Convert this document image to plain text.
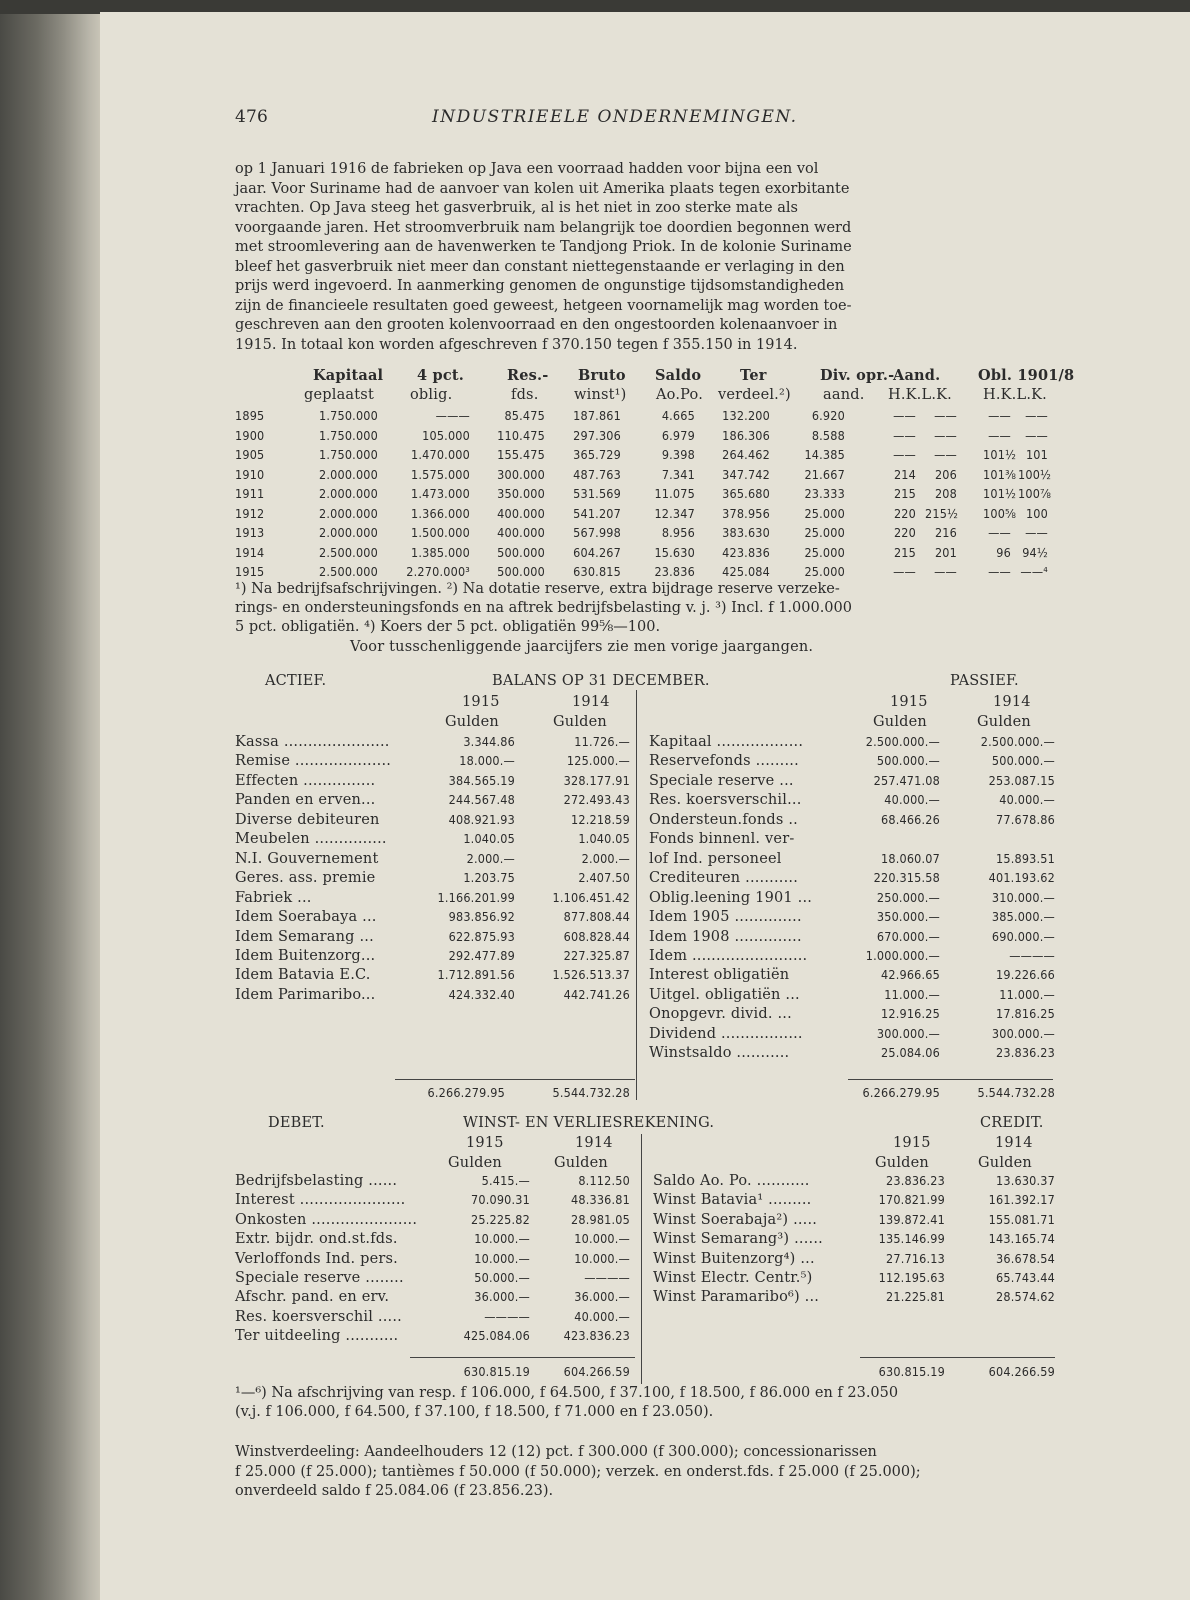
476	INDUSTRIEELE ONDERNEMINGEN.
op 1 Januari 1916 de fabrieken op Java een voorraad hadden voor bijna een vol
jaar. Voor Suriname had de aanvoer van kolen uit Amerika plaats tegen exorbitante
vrachten. Op Java steeg het gasverbruik, al is het niet in zoo sterke mate als
voorgaande jaren. Het stroomverbruik nam belangrijk toe doordien begonnen werd
met stroomlevering aan de havenwerken te Tandjong Priok. In de kolonie Suriname
bleef het gasverbruik niet meer dan constant niettegenstaande er verlaging in den
prijs werd ingevoerd. In aanmerking genomen de ongunstige tijdsomstandigheden
zijn de financieele resultaten goed geweest, hetgeen voornamelijk mag worden toe-
geschreven aan den grooten kolenvoorraad en den ongestoorden kolenaanvoer in
1915. In totaal kon worden afgeschreven f 370.150 tegen f 355.150 in 1914.
Kapitaal 4 pct.	Res.- Bruto Saldo	Ter	Div. opr.-
Aand.	Obl. 1901/8
geplaatst oblig.	fds. winst¹) Ao.Po. verdeel.²) aand. H.K.L.K. H.K.L.K.
1895	1.750.000	———	85.475	187.861	4.665	132.200	6.920	——	——	——	——
1900	1.750.000	105.000	110.475	297.306	6.979	186.306	8.588	——	——	——	——
1905	1.750.000	1.470.000	155.475	365.729	9.398	264.462	14.385	——	—— 101½ 101
1910	2.000.000	1.575.000	300.000	487.763	7.341	347.742	21.667	214	206 101⅜ 100½
1911	2.000.000	1.473.000	350.000	531.569	11.075	365.680	23.333	215	208 101½ 100⅞
1912	2.000.000	1.366.000	400.000	541.207	12.347	378.956	25.000	220 215½ 100⅝ 100
1913	2.000.000	1.500.000	400.000	567.998	8.956	383.630	25.000	220	216	——	——
1914	2.500.000	1.385.000	500.000	604.267	15.630	423.836	25.000	215	201	96 94½
1915	2.500.000	2.270.000³	500.000	630.815	23.836	425.084	25.000	——	——	—— ——⁴
¹) Na bedrijfsafschrijvingen. ²) Na dotatie reserve, extra bijdrage reserve verzeke-
rings- en ondersteuningsfonds en na aftrek bedrijfsbelasting v. j. ³) Incl. f 1.000.000
5 pct. obligatiën. ⁴) Koers der 5 pct. obligatiën 99⅝—100.
Voor tusschenliggende jaarcijfers zie men vorige jaargangen.
ACTIEF.	BALANS OP 31 DECEMBER.	PASSIEF.
1915	1914
Gulden	Gulden
1915	1914
Gulden	Gulden
Kassa ......................	3.344.86	11.726.—
Remise ....................	18.000.—	125.000.—
Effecten ...............	384.565.19	328.177.91
Panden en erven...	244.567.48	272.493.43
Diverse debiteuren	408.921.93	12.218.59
Meubelen ...............	1.040.05	1.040.05
N.I. Gouvernement	2.000.—	2.000.—
Geres. ass. premie	1.203.75	2.407.50
Fabriek ...	1.166.201.99	1.106.451.42
Idem Soerabaya ...	983.856.92	877.808.44
Idem Semarang ...	622.875.93	608.828.44
Idem Buitenzorg...	292.477.89	227.325.87
Idem Batavia E.C.	1.712.891.56	1.526.513.37
Idem Parimaribo...	424.332.40	442.741.26
Kapitaal ..................	2.500.000.—	2.500.000.—
Reservefonds .........	500.000.—	500.000.—
Speciale reserve ...	257.471.08	253.087.15
Res. koersverschil...	40.000.—	40.000.—
Ondersteun.fonds ..	68.466.26	77.678.86
Fonds binnenl. ver-
lof Ind. personeel	18.060.07	15.893.51
Crediteuren ...........	220.315.58	401.193.62
Oblig.leening 1901 ...	250.000.—	310.000.—
Idem 1905 ..............	350.000.—	385.000.—
Idem 1908 ..............	670.000.—	690.000.—
Idem ........................	1.000.000.—	————
Interest obligatiën	42.966.65	19.226.66
Uitgel. obligatiën ...	11.000.—	11.000.—
Onopgevr. divid. ...	12.916.25	17.816.25
Dividend .................	300.000.—	300.000.—
Winstsaldo ...........	25.084.06	23.836.23
6.266.279.95	5.544.732.28	6.266.279.95	5.544.732.28
DEBET.	WINST- EN VERLIESREKENING.	CREDIT.
1915	1914
Gulden	Gulden
1915	1914
Gulden	Gulden
Bedrijfsbelasting ......	5.415.—	8.112.50
Interest ......................	70.090.31	48.336.81
Onkosten ......................	25.225.82	28.981.05
Extr. bijdr. ond.st.fds.	10.000.—	10.000.—
Verloffonds Ind. pers.	10.000.—	10.000.—
Speciale reserve ........	50.000.—	————
Afschr. pand. en erv.	36.000.—	36.000.—
Res. koersverschil .....	————	40.000.—
Ter uitdeeling ...........	425.084.06	423.836.23
Saldo Ao. Po. ...........	23.836.23	13.630.37
Winst Batavia¹ .........	170.821.99	161.392.17
Winst Soerabaja²) .....	139.872.41	155.081.71
Winst Semarang³) ......	135.146.99	143.165.74
Winst Buitenzorg⁴) ...	27.716.13	36.678.54
Winst Electr. Centr.⁵)	112.195.63	65.743.44
Winst Paramaribo⁶) ...	21.225.81	28.574.62
630.815.19	604.266.59	630.815.19	604.266.59
¹—⁶) Na afschrijving van resp. f 106.000, f 64.500, f 37.100, f 18.500, f 86.000 en f 23.050
(v.j. f 106.000, f 64.500, f 37.100, f 18.500, f 71.000 en f 23.050).
Winstverdeeling: Aandeelhouders 12 (12) pct. f 300.000 (f 300.000); concessionarissen
f 25.000 (f 25.000); tantièmes f 50.000 (f 50.000); verzek. en onderst.fds. f 25.000 (f 25.000);
onverdeeld saldo f 25.084.06 (f 23.856.23).
